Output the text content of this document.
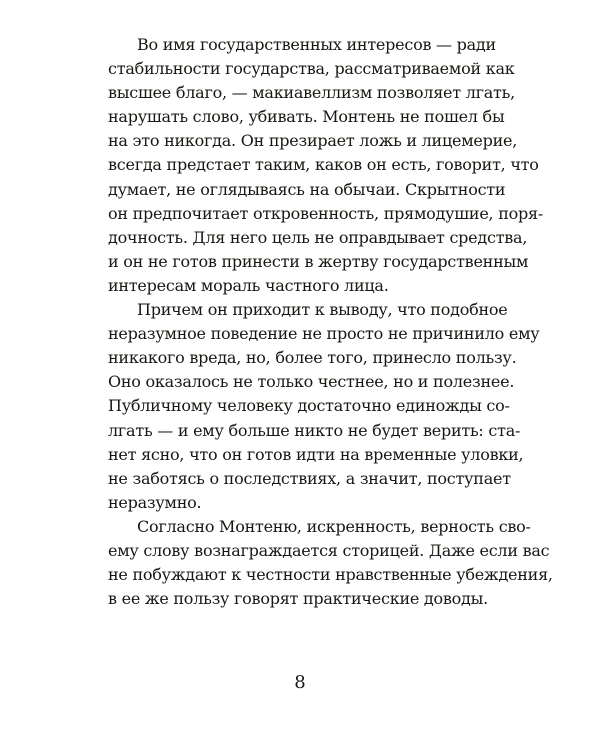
Во имя государственных интересов — ради
стабильности государства, рассматриваемой как
высшее благо, — макиавеллизм позволяет лгать,
нарушать слово, убивать. Монтень не пошел бы
на это никогда. Он презирает ложь и лицемерие,
всегда предстает таким, каков он есть, говорит, что
думает, не оглядываясь на обычаи. Скрытности
он предпочитает откровенность, прямодушие, поря-
дочность. Для него цель не оправдывает средства,
и он не готов принести в жертву государственным
интересам мораль частного лица.
Причем он приходит к выводу, что подобное
неразумное поведение не просто не причинило ему
никакого вреда, но, более того, принесло пользу.
Оно оказалось не только честнее, но и полезнее.
Публичному человеку достаточно единожды со-
лгать — и ему больше никто не будет верить: ста-
нет ясно, что он готов идти на временные уловки,
не заботясь о последствиях, а значит, поступает
неразумно.
Согласно Монтеню, искренность, верность сво-
ему слову вознаграждается сторицей. Даже если вас
не побуждают к честности нравственные убеждения,
в ее же пользу говорят практические доводы.
8
